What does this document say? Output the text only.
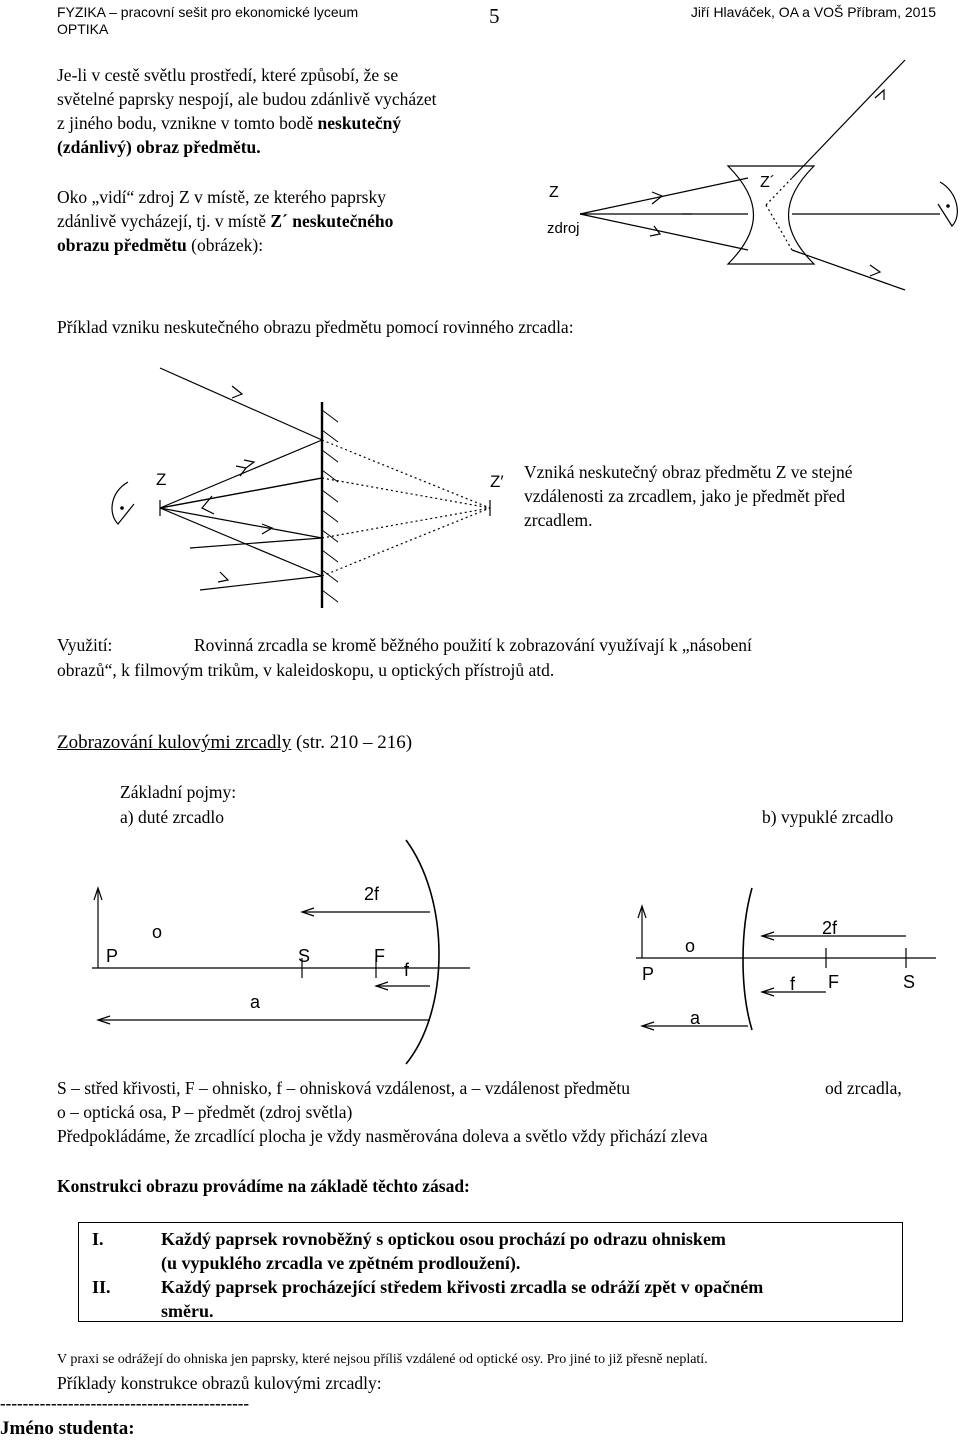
FYZIKA – pracovní sešit pro ekonomické lyceum
OPTIKA
5	Jiří Hlaváček, OA a VOŠ Příbram, 2015
Je-li v cestě světlu prostředí, které způsobí, že se
světelné paprsky nespojí, ale budou zdánlivě vycházet
z jiného bodu, vznikne v tomto bodě neskutečný
(zdánlivý) obraz předmětu.
Oko „vidí“ zdroj Z v místě, ze kterého paprsky
zdánlivě vycházejí, tj. v místě Z´ neskutečného
obrazu předmětu (obrázek):
Z
zdroj
Z´
Příklad vzniku neskutečného obrazu předmětu pomocí rovinného zrcadla:
Z	Z′ Vzniká neskutečný obraz předmětu Z ve stejné
vzdálenosti za zrcadlem, jako je předmět před
zrcadlem.
Využití:	Rovinná zrcadla se kromě běžného použití k zobrazování využívají k „násobení
obrazů“, k filmovým trikům, v kaleidoskopu, u optických přístrojů atd.
Zobrazování kulovými zrcadly (str. 210 – 216)
Základní pojmy:
a) duté zrcadlo	b) vypuklé zrcadlo
P
o
a
S	F
f
2f
P
o
a
f F	S
2f
S – střed křivosti, F – ohnisko, f – ohnisková vzdálenost, a – vzdálenost předmětu	od zrcadla,
o – optická osa, P – předmět (zdroj světla)
Předpokládáme, že zrcadlící plocha je vždy nasměrována doleva a světlo vždy přichází zleva
Konstrukci obrazu provádíme na základě těchto zásad:
I.	Každý paprsek rovnoběžný s optickou osou prochází po odrazu ohniskem
(u vypuklého zrcadla ve zpětném prodloužení).
II.	Každý paprsek procházející středem křivosti zrcadla se odráží zpět v opačném
směru.
V praxi se odrážejí do ohniska jen paprsky, které nejsou příliš vzdálené od optické osy. Pro jiné to již přesně neplatí.
Příklady konstrukce obrazů kulovými zrcadly:
--------------------------------------------
Jméno studenta:
